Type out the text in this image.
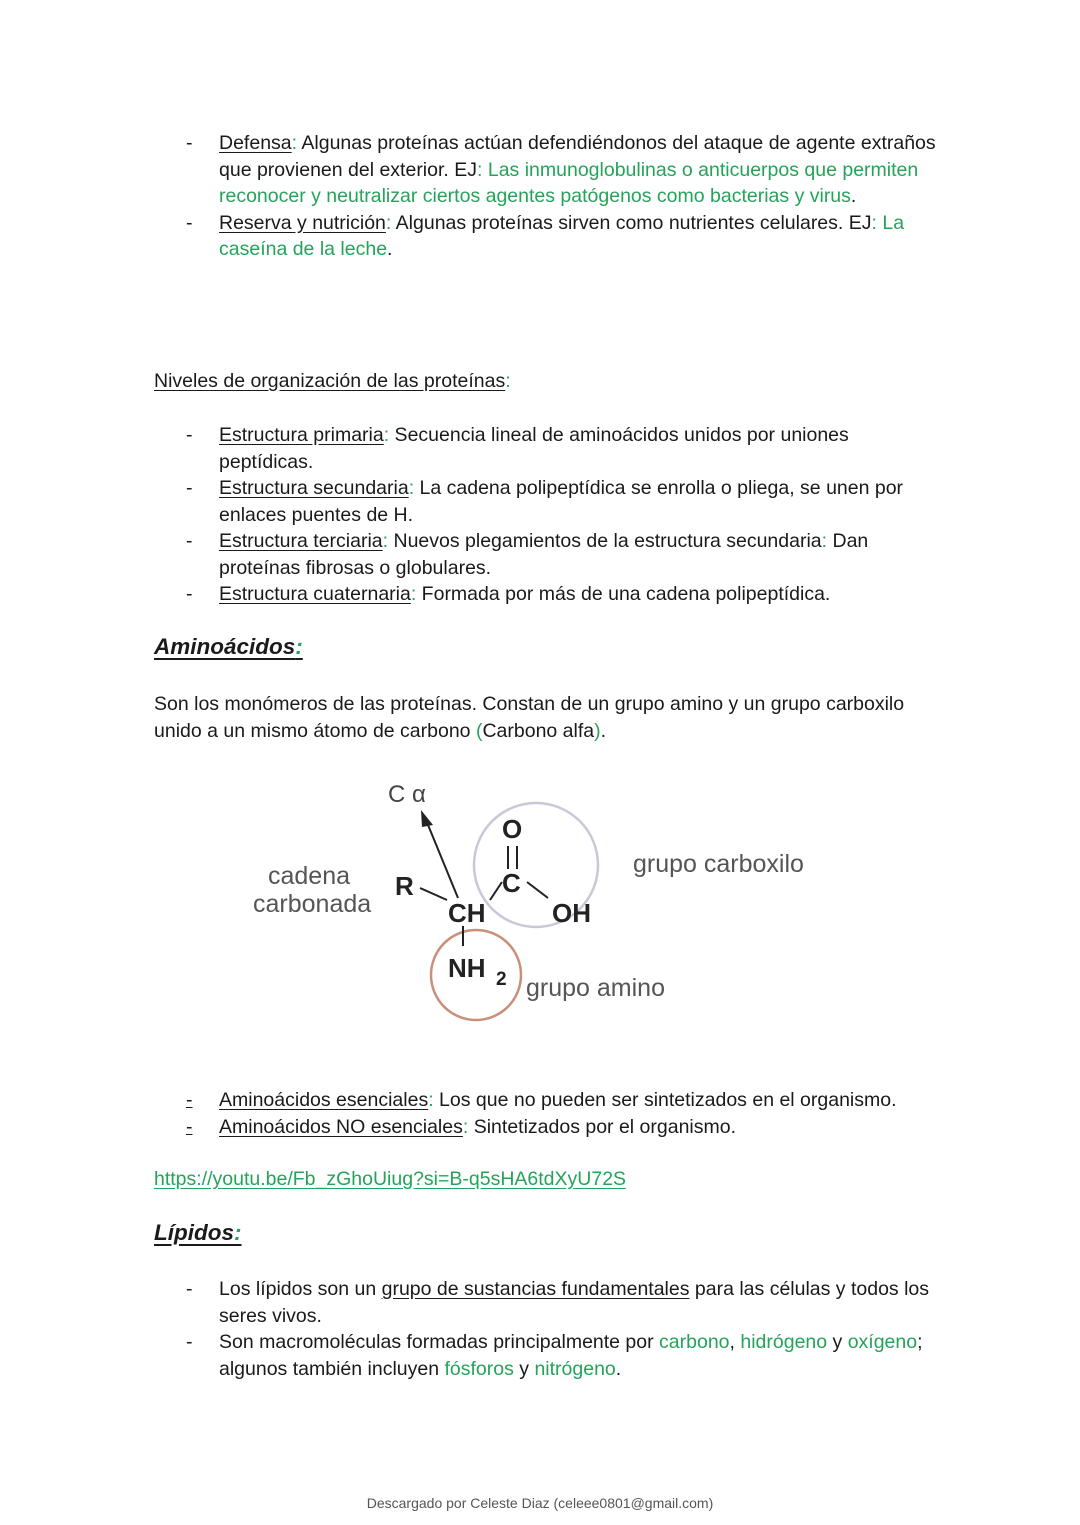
- Defensa: Algunas proteínas actúan defendiéndonos del ataque de agente extraños que provienen del exterior. EJ: Las inmunoglobulinas o anticuerpos que permiten reconocer y neutralizar ciertos agentes patógenos como bacterias y virus.
- Reserva y nutrición: Algunas proteínas sirven como nutrientes celulares. EJ: La caseína de la leche.
Niveles de organización de las proteínas:
- Estructura primaria: Secuencia lineal de aminoácidos unidos por uniones peptídicas.
- Estructura secundaria: La cadena polipeptídica se enrolla o pliega, se unen por enlaces puentes de H.
- Estructura terciaria: Nuevos plegamientos de la estructura secundaria: Dan proteínas fibrosas o globulares.
- Estructura cuaternaria: Formada por más de una cadena polipeptídica.
Aminoácidos:
Son los monómeros de las proteínas. Constan de un grupo amino y un grupo carboxilo unido a un mismo átomo de carbono (Carbono alfa).
C α
cadena
carbonada
R
CH
C
O
OH
NH 2
grupo carboxilo
grupo amino
- Aminoácidos esenciales: Los que no pueden ser sintetizados en el organismo.
- Aminoácidos NO esenciales: Sintetizados por el organismo.
https://youtu.be/Fb_zGhoUiug?si=B-q5sHA6tdXyU72S
Lípidos:
- Los lípidos son un grupo de sustancias fundamentales para las células y todos los seres vivos.
- Son macromoléculas formadas principalmente por carbono, hidrógeno y oxígeno; algunos también incluyen fósforos y nitrógeno.
Descargado por Celeste Diaz (celeee0801@gmail.com)
